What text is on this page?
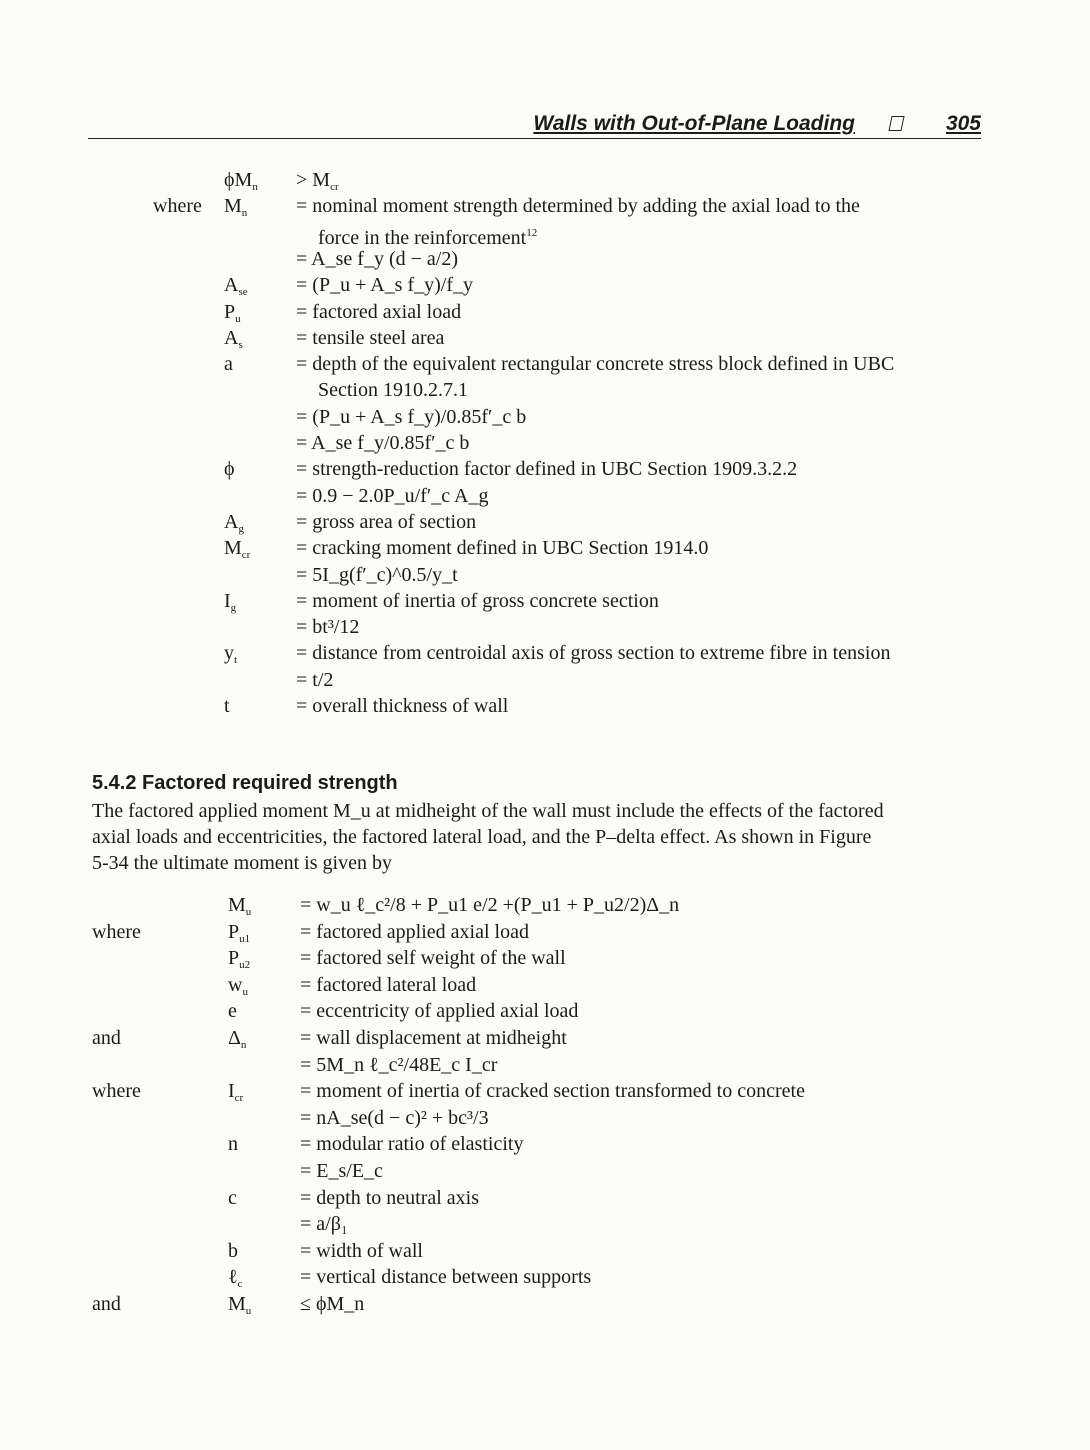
Walls with Out-of-Plane Loading	305
$\phi M_n > M_{cr}$
where $M_n$ = nominal moment strength determined by adding the axial load to the
force in the reinforcement$^{12}$
= A_se f_y (d − a/2)
$A_{se}$ = (P_u + A_s f_y)/f_y
$P_u$	= factored axial load
$A_s$	= tensile steel area
a	= depth of the equivalent rectangular concrete stress block defined in UBC
Section 1910.2.7.1
= (P_u + A_s f_y)/0.85f′_c b
= A_se f_y/0.85f′_c b
ϕ	= strength-reduction factor defined in UBC Section 1909.3.2.2
= 0.9 − 2.0P_u/f′_c A_g
$A_g$	= gross area of section
$M_{cr}$ = cracking moment defined in UBC Section 1914.0
= 5I_g(f′_c)^0.5/y_t
$I_g$	= moment of inertia of gross concrete section
= bt³/12
$y_t$	= distance from centroidal axis of gross section to extreme fibre in tension
= t/2
t	= overall thickness of wall
5.4.2 Factored required strength
The factored applied moment M_u at midheight of the wall must include the effects of the factored
axial loads and eccentricities, the factored lateral load, and the P–delta effect. As shown in Figure
5-34 the ultimate moment is given by
$M_u$ = w_u ℓ_c²/8 + P_u1 e/2 +(P_u1 + P_u2/2)Δ_n
where	$P_{u1}$ = factored applied axial load
$P_{u2}$ = factored self weight of the wall
$w_u$	= factored lateral load
e	= eccentricity of applied axial load
and	$\Delta_n$	= wall displacement at midheight
= 5M_n ℓ_c²/48E_c I_cr
where	$I_{cr}$	= moment of inertia of cracked section transformed to concrete
= nA_se(d − c)² + bc³/3
n	= modular ratio of elasticity
= E_s/E_c
c	= depth to neutral axis
= a/β₁
b	= width of wall
ℓ$_c$	= vertical distance between supports
and	$M_u$ ≤ ϕM_n
